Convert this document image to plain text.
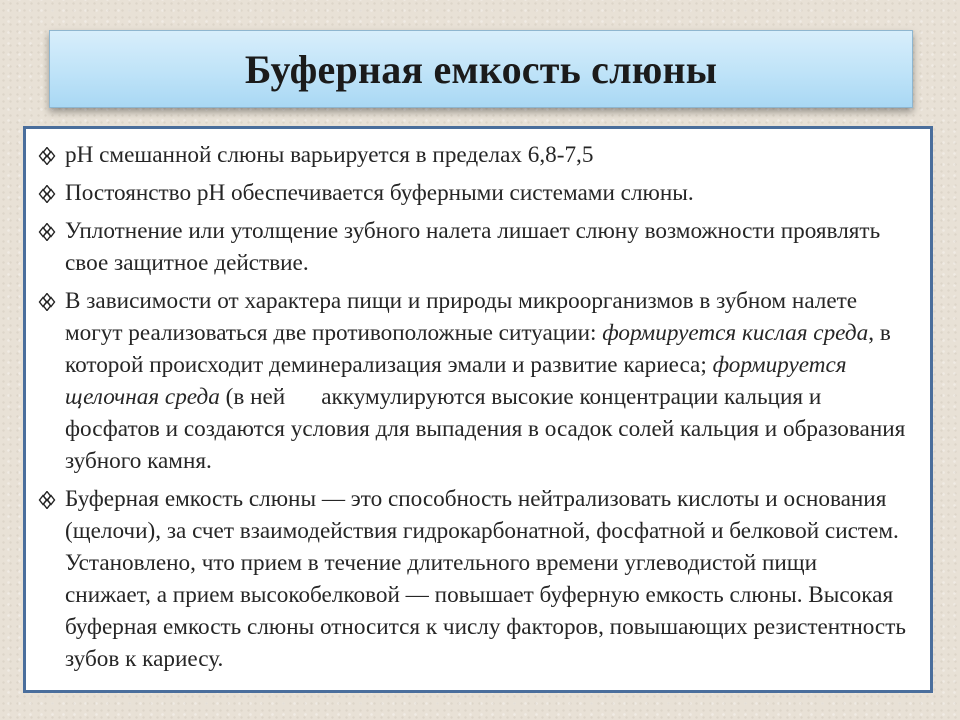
Буферная емкость слюны
рН смешанной слюны варьируется в пределах 6,8-7,5
Постоянство рН обеспечивается буферными системами слюны.
Уплотнение или утолщение зубного налета лишает слюну возможности проявлять свое защитное действие.
В зависимости от характера пищи и природы микроорганизмов в зубном налете могут реализоваться две противоположные ситуации: формируется кислая среда, в которой происходит деминерализация эмали и развитие кариеса; формируется щелочная среда (в ней аккумулируются высокие концентрации кальция и фосфатов и создаются условия для выпадения в осадок солей кальция и образования зубного камня.
Буферная емкость слюны — это способность нейтрализовать кислоты и основания (щелочи), за счет взаимодействия гидрокарбонатной, фосфатной и белковой систем. Установлено, что прием в течение длительного времени углеводистой пищи снижает, а прием высокобелковой — повышает буферную емкость слюны. Высокая буферная емкость слюны относится к числу факторов, повышающих резистентность зубов к кариесу.
